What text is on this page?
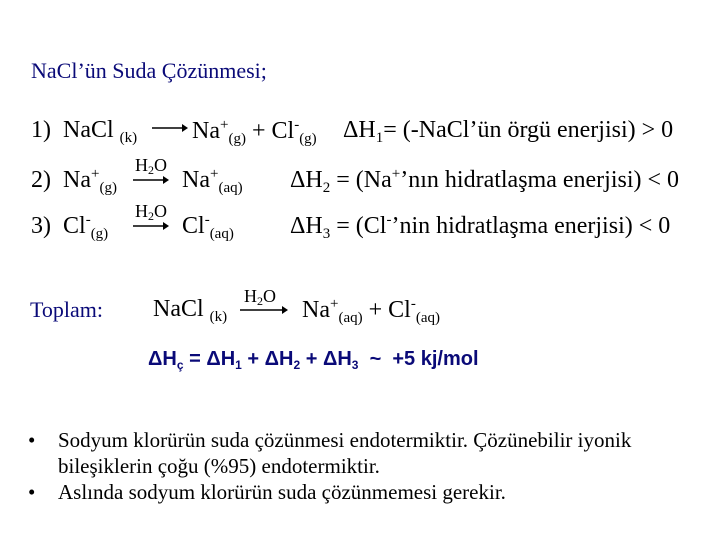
NaCl’ün Suda Çözünmesi;
1) NaCl $_{(k)}$ $Na^+_{(g)} + Cl^-_{(g)}$ $\Delta H_1=$ (-NaCl’ün örgü enerjisi) > 0
2) $Na^+_{(g)}$
$H_2O$
$Na^+_{(aq)}$ $\Delta H_2$ = (Na+’nın hidratlaşma enerjisi) < 0
3) $Cl^-_{(g)}$
$H_2O$
$Cl^-_{(aq)}$ $\Delta H_3$ = (Cl-’nin hidratlaşma enerjisi) < 0
Toplam: NaCl $_{(k)}$
$H_2O$
$Na^+_{(aq)} + Cl^-_{(aq)}$
$\Delta H_ç = \Delta H_1 + \Delta H_2 + \Delta H_3$  ~  +5 kj/mol
•	Sodyum klorürün suda çözünmesi endotermiktir. Çözünebilir iyonik bileşiklerin çoğu (%95) endotermiktir.
•	Aslında sodyum klorürün suda çözünmemesi gerekir.
